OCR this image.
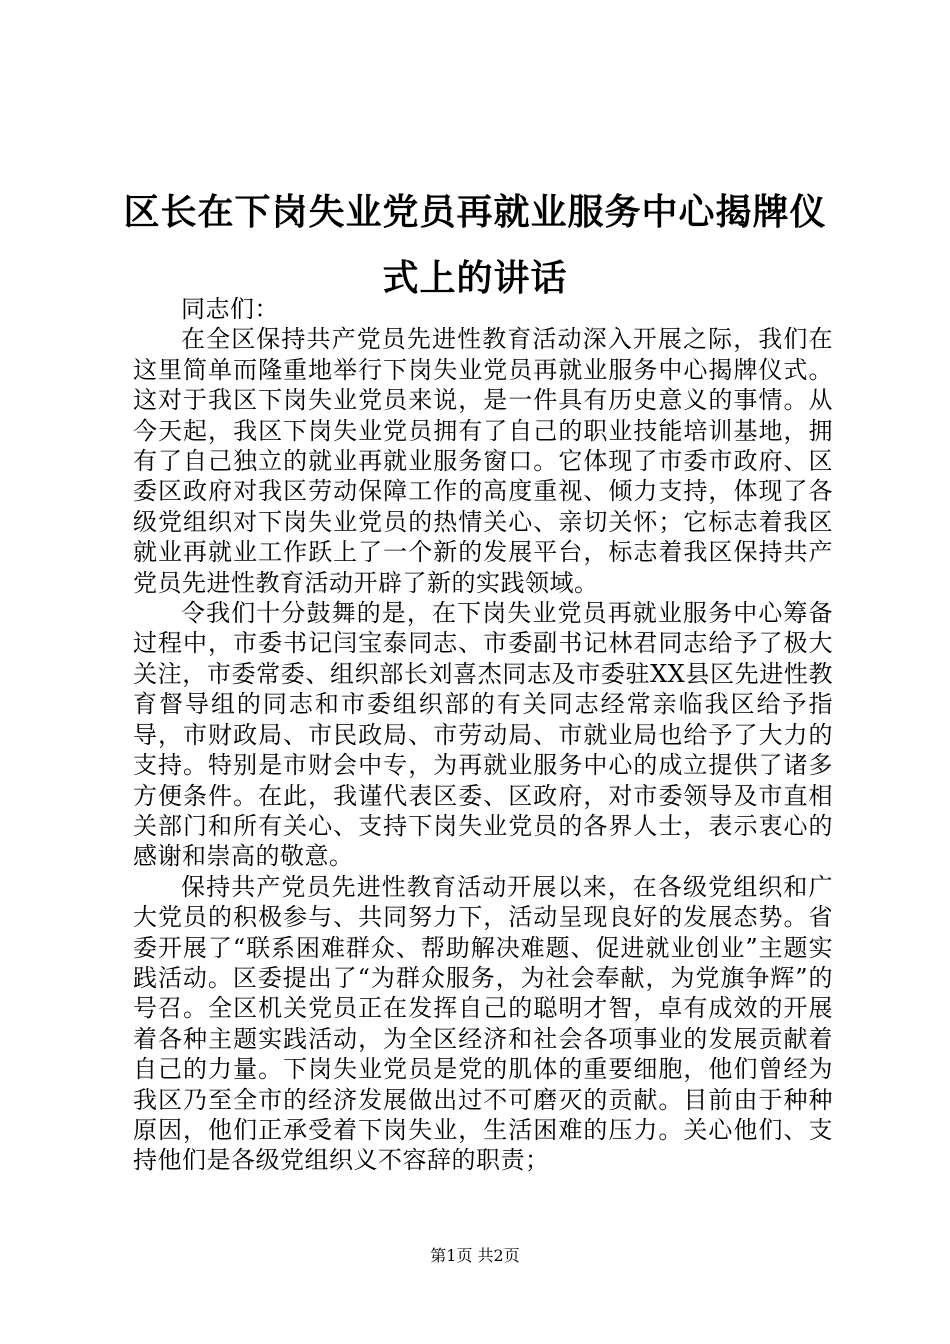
区长在下岗失业党员再就业服务中心揭牌仪式上的讲话

同志们：

在全区保持共产党员先进性教育活动深入开展之际，我们在这里简单而隆重地举行下岗失业党员再就业服务中心揭牌仪式。这对于我区下岗失业党员来说，是一件具有历史意义的事情。从今天起，我区下岗失业党员拥有了自己的职业技能培训基地，拥有了自己独立的就业再就业服务窗口。它体现了市委市政府、区委区政府对我区劳动保障工作的高度重视、倾力支持，体现了各级党组织对下岗失业党员的热情关心、亲切关怀；它标志着我区就业再就业工作跃上了一个新的发展平台，标志着我区保持共产党员先进性教育活动开辟了新的实践领域。

令我们十分鼓舞的是，在下岗失业党员再就业服务中心筹备过程中，市委书记闫宝泰同志、市委副书记林君同志给予了极大关注，市委常委、组织部长刘喜杰同志及市委驻XX县区先进性教育督导组的同志和市委组织部的有关同志经常亲临我区给予指导，市财政局、市民政局、市劳动局、市就业局也给予了大力的支持。特别是市财会中专，为再就业服务中心的成立提供了诸多方便条件。在此，我谨代表区委、区政府，对市委领导及市直相关部门和所有关心、支持下岗失业党员的各界人士，表示衷心的感谢和崇高的敬意。

保持共产党员先进性教育活动开展以来，在各级党组织和广大党员的积极参与、共同努力下，活动呈现良好的发展态势。省委开展了“联系困难群众、帮助解决难题、促进就业创业”主题实践活动。区委提出了“为群众服务，为社会奉献，为党旗争辉”的号召。全区机关党员正在发挥自己的聪明才智，卓有成效的开展着各种主题实践活动，为全区经济和社会各项事业的发展贡献着自己的力量。下岗失业党员是党的肌体的重要细胞，他们曾经为我区乃至全市的经济发展做出过不可磨灭的贡献。目前由于种种原因，他们正承受着下岗失业，生活困难的压力。关心他们、支持他们是各级党组织义不容辞的职责；

第1页 共2页
